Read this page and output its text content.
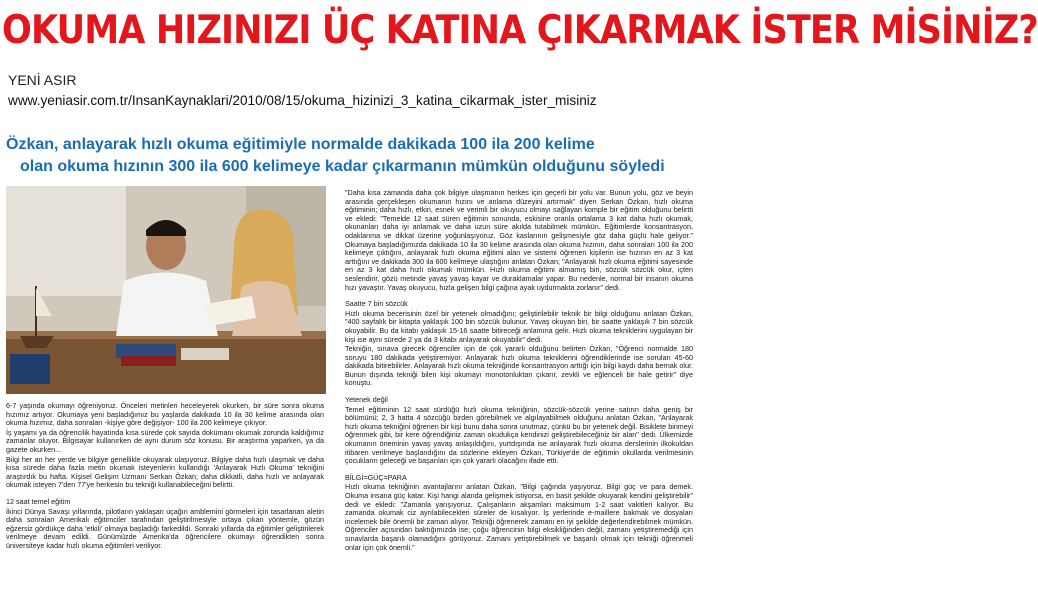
OKUMA HIZINIZI ÜÇ KATINA ÇIKARMAK İSTER MİSİNİZ?
YENİ ASIR
www.yeniasir.com.tr/InsanKaynaklari/2010/08/15/okuma_hizinizi_3_katina_cikarmak_ister_misiniz
Özkan, anlayarak hızlı okuma eğitimiyle normalde dakikada 100 ila 200 kelime
olan okuma hızının 300 ila 600 kelimeye kadar çıkarmanın mümkün olduğunu söyledi

6-7 yaşında okumayı öğreniyoruz. Önceleri metinleri heceleyerek okurken, bir süre sonra okuma hızımız artıyor. Okumaya yeni başladığımız bu yaşlarda dakikada 10 ila 30 kelime arasında olan okuma hızımız, daha sonraları -kişiye göre değişiyor- 100 ila 200 kelimeye çıkıyor.

İş yaşamı ya da öğrencilik hayatında kısa sürede çok sayıda dokümanı okumak zorunda kaldığımız zamanlar oluyor. Bilgisayar kullanırken de aynı durum söz konusu. Bir araştırma yaparken, ya da gazete okurken...

Bilgi her an her yerde ve bilgiye genellikle okuyarak ulaşıyoruz. Bilgiye daha hızlı ulaşmak ve daha kısa sürede daha fazla metin okumak isteyenlerin kullandığı 'Anlayarak Hızlı Okuma' tekniğini araştırdık bu hafta. Kişisel Gelişim Uzmanı Serkan Özkan; daha dikkatli, daha hızlı ve anlayarak okumak isteyen 7'den 77'ye herkesin bu tekniği kullanabileceğini belirtti.

12 saat temel eğitim

İkinci Dünya Savaşı yıllarında, pilotların yaklaşan uçağın amblemini görmeleri için tasarlanan aletin daha sonraları Amerikalı eğitimciler tarafından geliştirilmesiyle ortaya çıkan yöntemle, gözün eğzersiz gördükçe daha 'etkili' olmaya başladığı farkedildi. Sonraki yıllarda da eğitimler geliştirilerek verilmeye devam edildi. Günümüzde Amerika'da öğrencilere okumayı öğrendikten sonra üniversiteye kadar hızlı okuma eğitimleri veriliyor.

"Daha kısa zamanda daha çok bilgiye ulaşmanın herkes için geçerli bir yolu var. Bunun yolu, göz ve beyin arasında gerçekleşen okumanın hızını ve anlama düzeyini artırmak" diyen Serkan Özkan, hızlı okuma eğitiminin; daha hızlı, etkin, esnek ve verimli bir okuyucu olmayı sağlayan komple bir eğitim olduğunu belirtti ve ekledi: "Temelde 12 saat süren eğitimin sonunda, eskisine oranla ortalama 3 kat daha hızlı okumak, okunanları daha iyi anlamak ve daha uzun süre akılda tutabilmek mümkün. Eğitimlerde konsantrasyon, odaklanma ve dikkat üzerine yoğunlaşıyoruz. Göz kaslarının gelişmesiyle göz daha güçlü hale geliyor." Okumaya başladığımızda dakikada 10 ila 30 kelime arasında olan okuma hızının, daha sonraları 100 ila 200 kelimeye çıktığını, anlayarak hızlı okuma eğitimi alan ve sistemi öğrenen kişilerin ise hızının en az 3 kat arttığını ve dakikada 300 ila 600 kelimeye ulaştığını anlatan Özkan; "Anlayarak hızlı okuma eğitimi sayesinde en az 3 kat daha hızlı okumak mümkün. Hızlı okuma eğitimi almamış biri, sözcük sözcük okur, içten seslendirir, gözü metinde yavaş yavaş kayar ve duraklamalar yapar. Bu nedenle, normal bir insanın okuma hızı yavaştır. Yavaş okuyucu, hızla gelişen bilgi çağına ayak uydurmakta zorlanır" dedi.

Saatte 7 bin sözcük

Hızlı okuma becerisinin özel bir yetenek olmadığını; geliştirilebilir teknik bir bilgi olduğunu anlatan Özkan, "400 sayfalık bir kitapta yaklaşık 100 bin sözcük bulunur. Yavaş okuyan biri, bir saatte yaklaşık 7 bin sözcük okuyabilir. Bu da kitabı yaklaşık 15-16 saatte bitireceği anlamına gelir. Hızlı okuma tekniklerini uygulayan bir kişi ise aynı sürede 2 ya da 3 kitabı anlayarak okuyabilir" dedi.

Tekniğin, sınava girecek öğrenciler için de çok yararlı olduğunu belirten Özkan, "Öğrenci normalde 180 soruyu 180 dakikada yetiştiremiyor. Anlayarak hızlı okuma tekniklerini öğrendiklerinde ise soruları 45-60 dakikada bitirebilirler. Anlayarak hızlı okuma tekniğinde konsantrasyon arttığı için bilgi kaydı daha bernak olur. Bunun dışında tekniği bilen kişi okumayı monotonluktan çıkarır, zevkli ve eğlenceli bir hale getirir" diye konuştu.

Yetenek değil

Temel eğitiminin 12 saat sürdüğü hızlı okuma tekniğinin, sözcük-sözcük yerine satırın daha geniş bir bölümünü; 2, 3 hatta 4 sözcüğü birden görebilmek ve algılayabilmek olduğunu anlatan Özkan, "Anlayarak hızlı okuma tekniğini öğrenen bir kişi bunu daha sonra unutmaz, çünkü bu bir yetenek değil. Bisiklete binmeyi öğrenmek gibi, bir kere öğrendiğiniz zaman okudukça kendinizi geliştirebileceğiniz bir alan" dedi. Ülkemizde okumanın öneminin yavaş yavaş anlaşıldığını, yurtdışında ise anlayarak hızlı okuma derslerinin ilkokuldan itibaren verilmeye başlandığını da sözlerine ekleyen Özkan, Türkiye'de de eğitimin okullarda verilmesinin çocukların geleceği ve başarıları için çok yararlı olacağını ifade etti.

BİLGİ=GÜÇ=PARA

Hızlı okuma tekniğinin avantajlarını anlatan Özkan, "Bilgi çağında yaşıyoruz. Bilgi güç ve para demek. Okuma insana güç katar. Kişi hangi alanda gelişmek istiyorsa, en basit şekilde okuyarak kendini geliştirebilir" dedi ve ekledi: "Zamanla yarışıyoruz. Çalışanların akşamları maksimum 1-2 saat vakitleri kalıyor. Bu zamanda okumak ciz ayrılabilecekleri süreler de kısalıyor. İş yerlerinde e-maillere bakmak ve dosyaları incelemek bile önemli bir zaman alıyor. Tekniği öğrenerek zamanı en iyi şekilde değerlendirebilmek mümkün. Öğrenciler açısından baktığımızda ise; çoğu öğrencinin bilgi eksikliğinden değil, zamanı yetiştiremediği için sınavlarda başarılı olamadığını görüyoruz. Zamanı yetiştirebilmek ve başarılı olmak için tekniği öğrenmeli onlar için çok önemli."
